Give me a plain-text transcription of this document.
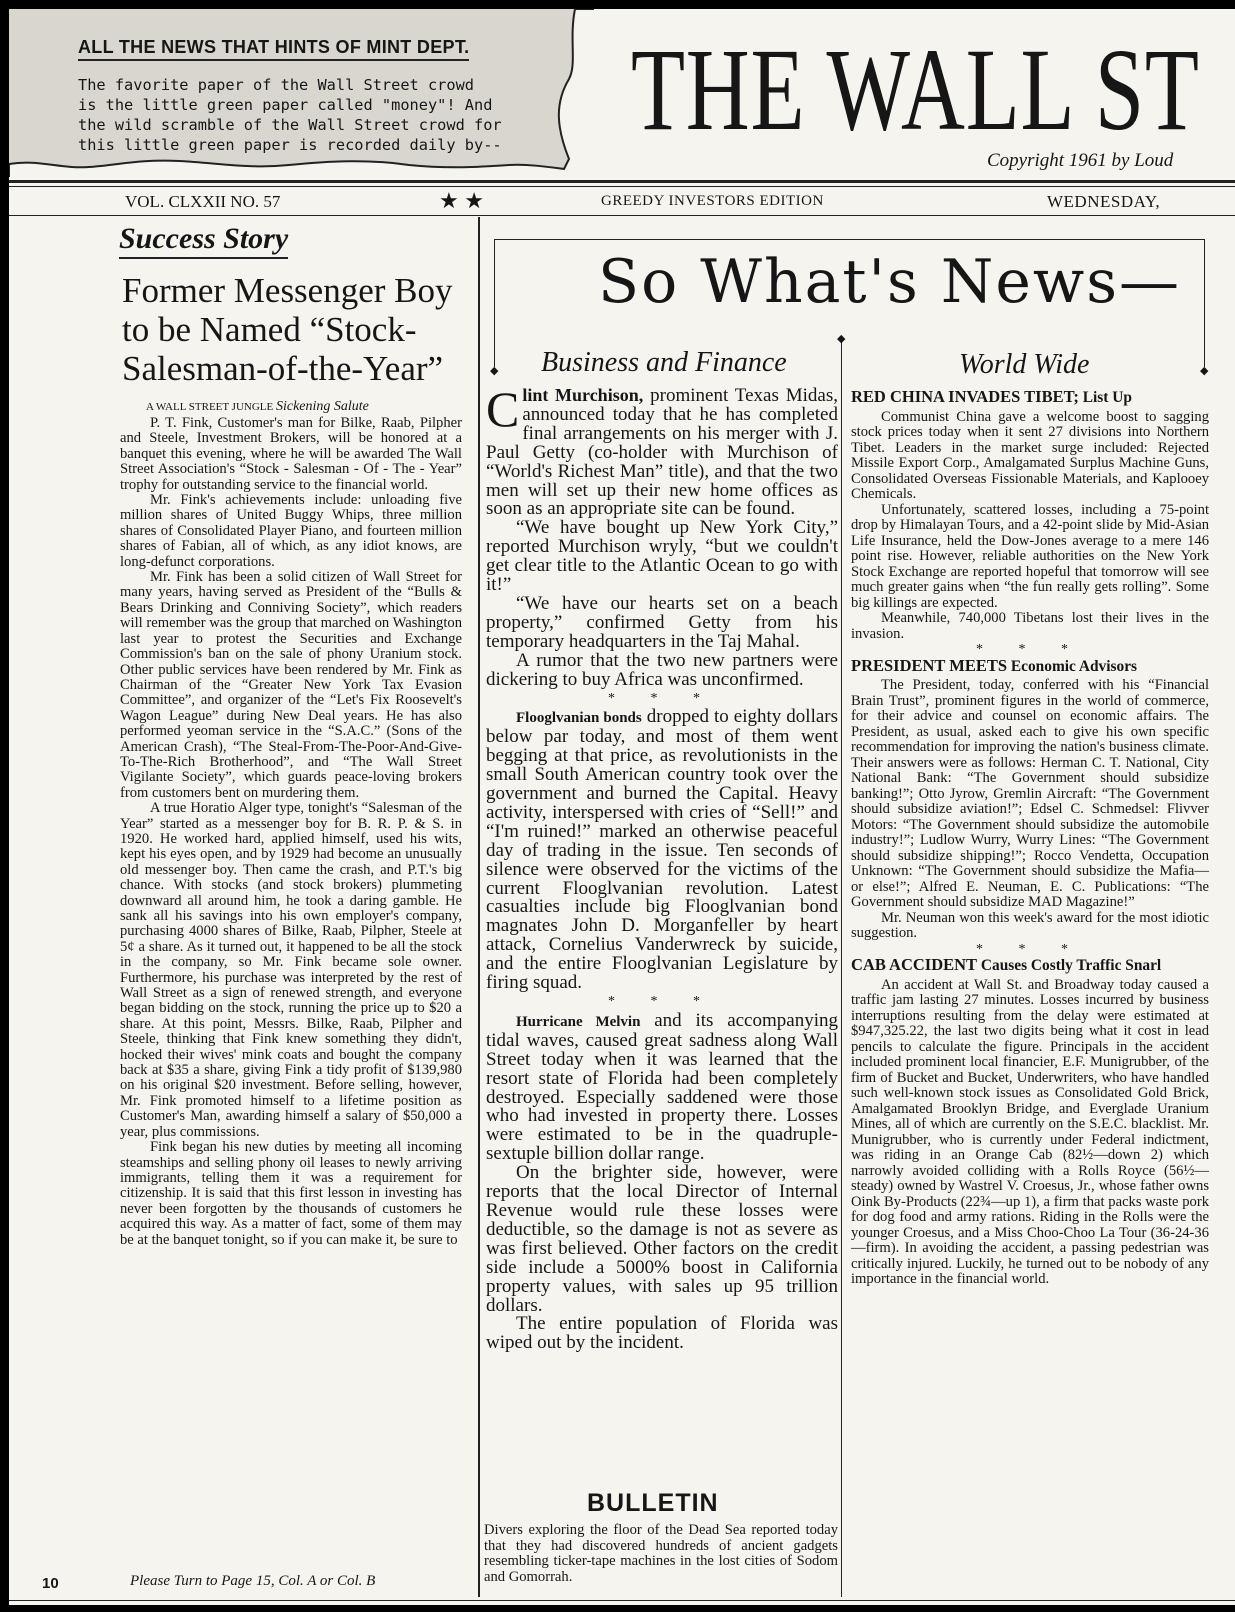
ALL THE NEWS THAT HINTS OF MINT DEPT.
The favorite paper of the Wall Street crowd
is the little green paper called "money"! And
the wild scramble of the Wall Street crowd for
this little green paper is recorded daily by--	THE WALL ST
Copyright 1961 by Loud
VOL. CLXXII NO. 57	★ ★	GREEDY INVESTORS EDITION	WEDNESDAY,
◆
◆
◆
Success Story
Former Messenger Boy to be Named “Stock-Salesman-of-the-Year”
A WALL STREET JUNGLE Sickening Salute

P. T. Fink, Customer's man for Bilke, Raab, Pilpher and Steele, Investment Brokers, will be honored at a banquet this evening, where he will be awarded The Wall Street Association's “Stock - Salesman - Of - The - Year” trophy for outstanding service to the financial world.

Mr. Fink's achievements include: unloading five million shares of United Buggy Whips, three million shares of Consolidated Player Piano, and fourteen million shares of Fabian, all of which, as any idiot knows, are long-defunct corporations.

Mr. Fink has been a solid citizen of Wall Street for many years, having served as President of the “Bulls & Bears Drinking and Conniving Society”, which readers will remember was the group that marched on Washington last year to protest the Securities and Exchange Commission's ban on the sale of phony Uranium stock. Other public services have been rendered by Mr. Fink as Chairman of the “Greater New York Tax Evasion Committee”, and organizer of the “Let's Fix Roosevelt's Wagon League” during New Deal years. He has also performed yeoman service in the “S.A.C.” (Sons of the American Crash), “The Steal-From-The-Poor-And-Give-To-The-Rich Brotherhood”, and “The Wall Street Vigilante Society”, which guards peace-loving brokers from customers bent on murdering them.

A true Horatio Alger type, tonight's “Salesman of the Year” started as a messenger boy for B. R. P. & S. in 1920. He worked hard, applied himself, used his wits, kept his eyes open, and by 1929 had become an unusually old messenger boy. Then came the crash, and P.T.'s big chance. With stocks (and stock brokers) plummeting downward all around him, he took a daring gamble. He sank all his savings into his own employer's company, purchasing 4000 shares of Bilke, Raab, Pilpher, Steele at 5¢ a share. As it turned out, it happened to be all the stock in the company, so Mr. Fink became sole owner. Furthermore, his purchase was interpreted by the rest of Wall Street as a sign of renewed strength, and everyone began bidding on the stock, running the price up to $20 a share. At this point, Messrs. Bilke, Raab, Pilpher and Steele, thinking that Fink knew something they didn't, hocked their wives' mink coats and bought the company back at $35 a share, giving Fink a tidy profit of $139,980 on his original $20 investment. Before selling, however, Mr. Fink promoted himself to a lifetime position as Customer's Man, awarding himself a salary of $50,000 a year, plus commissions.

Fink began his new duties by meeting all incoming steamships and selling phony oil leases to newly arriving immigrants, telling them it was a requirement for citizenship. It is said that this first lesson in investing has never been forgotten by the thousands of customers he acquired this way. As a matter of fact, some of them may be at the banquet tonight, so if you can make it, be sure to

10	Please Turn to Page 15, Col. A or Col. B
So What's News—
Business and Finance	World Wide

Clint Murchison, prominent Texas Midas, announced today that he has completed final arrangements on his merger with J. Paul Getty (co-holder with Murchison of “World's Richest Man” title), and that the two men will set up their new home offices as soon as an appropriate site can be found.

“We have bought up New York City,” reported Murchison wryly, “but we couldn't get clear title to the Atlantic Ocean to go with it!”

“We have our hearts set on a beach property,” confirmed Getty from his temporary headquarters in the Taj Mahal.

A rumor that the two new partners were dickering to buy Africa was unconfirmed.

* * *

Flooglvanian bonds dropped to eighty dollars below par today, and most of them went begging at that price, as revolutionists in the small South American country took over the government and burned the Capital. Heavy activity, interspersed with cries of “Sell!” and “I'm ruined!” marked an otherwise peaceful day of trading in the issue. Ten seconds of silence were observed for the victims of the current Flooglvanian revolution. Latest casualties include big Flooglvanian bond magnates John D. Morganfeller by heart attack, Cornelius Vanderwreck by suicide, and the entire Flooglvanian Legislature by firing squad.

* * *

Hurricane Melvin and its accompanying tidal waves, caused great sadness along Wall Street today when it was learned that the resort state of Florida had been completely destroyed. Especially saddened were those who had invested in property there. Losses were estimated to be in the quadruple-sextuple billion dollar range.

On the brighter side, however, were reports that the local Director of Internal Revenue would rule these losses were deductible, so the damage is not as severe as was first believed. Other factors on the credit side include a 5000% boost in California property values, with sales up 95 trillion dollars.

The entire population of Florida was wiped out by the incident.

BULLETIN
Divers exploring the floor of the Dead Sea reported today that they had discovered hundreds of ancient gadgets resembling ticker-tape machines in the lost cities of Sodom and Gomorrah.

RED CHINA INVADES TIBET; List Up

Communist China gave a welcome boost to sagging stock prices today when it sent 27 divisions into Northern Tibet. Leaders in the market surge included: Rejected Missile Export Corp., Amalgamated Surplus Machine Guns, Consolidated Overseas Fissionable Materials, and Kaplooey Chemicals.

Unfortunately, scattered losses, including a 75-point drop by Himalayan Tours, and a 42-point slide by Mid-Asian Life Insurance, held the Dow-Jones average to a mere 146 point rise. However, reliable authorities on the New York Stock Exchange are reported hopeful that tomorrow will see much greater gains when “the fun really gets rolling”. Some big killings are expected.

Meanwhile, 740,000 Tibetans lost their lives in the invasion.

* * *

PRESIDENT MEETS Economic Advisors

The President, today, conferred with his “Financial Brain Trust”, prominent figures in the world of commerce, for their advice and counsel on economic affairs. The President, as usual, asked each to give his own specific recommendation for improving the nation's business climate. Their answers were as follows: Herman C. T. National, City National Bank: “The Government should subsidize banking!”; Otto Jyrow, Gremlin Aircraft: “The Government should subsidize aviation!”; Edsel C. Schmedsel: Flivver Motors: “The Government should subsidize the automobile industry!”; Ludlow Wurry, Wurry Lines: “The Government should subsidize shipping!”; Rocco Vendetta, Occupation Unknown: “The Government should subsidize the Mafia—or else!”; Alfred E. Neuman, E. C. Publications: “The Government should subsidize MAD Magazine!”

Mr. Neuman won this week's award for the most idiotic suggestion.

* * *

CAB ACCIDENT Causes Costly Traffic Snarl

An accident at Wall St. and Broadway today caused a traffic jam lasting 27 minutes. Losses incurred by business interruptions resulting from the delay were estimated at $947,325.22, the last two digits being what it cost in lead pencils to calculate the figure. Principals in the accident included prominent local financier, E.F. Munigrubber, of the firm of Bucket and Bucket, Underwriters, who have handled such well-known stock issues as Consolidated Gold Brick, Amalgamated Brooklyn Bridge, and Everglade Uranium Mines, all of which are currently on the S.E.C. blacklist. Mr. Munigrubber, who is currently under Federal indictment, was riding in an Orange Cab (82½—down 2) which narrowly avoided colliding with a Rolls Royce (56½—steady) owned by Wastrel V. Croesus, Jr., whose father owns Oink By-Products (22¾—up 1), a firm that packs waste pork for dog food and army rations. Riding in the Rolls were the younger Croesus, and a Miss Choo-Choo La Tour (36-24-36—firm). In avoiding the accident, a passing pedestrian was critically injured. Luckily, he turned out to be nobody of any importance in the financial world.
